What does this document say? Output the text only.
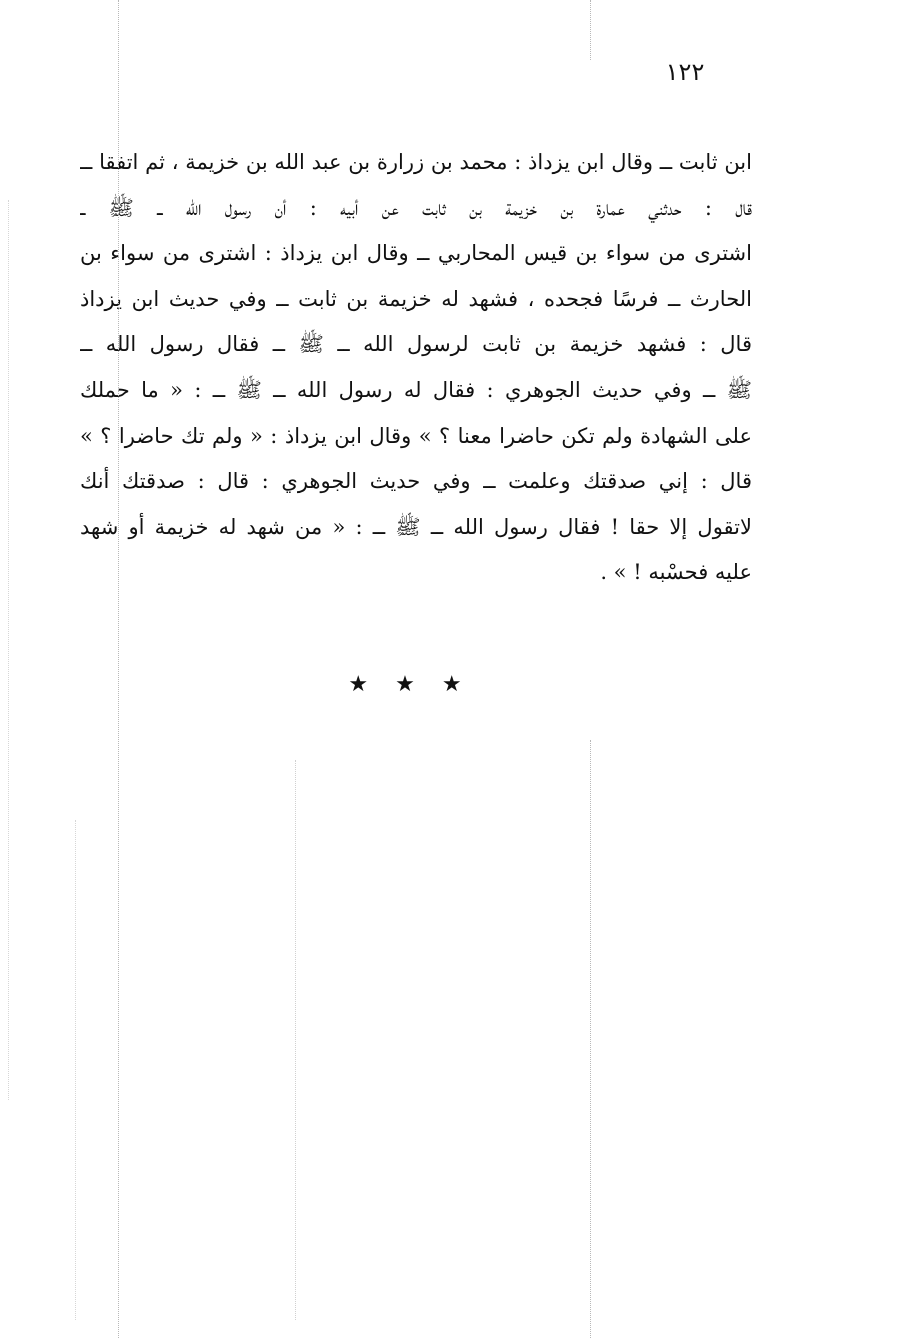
١٢٢
ابن ثابت ــ وقال ابن يزداذ : محمد بن زرارة بن عبد الله بن خزيمة ، ثم اتفقا ــ
قال : حدثني عمارة بن خزيمة بن ثابت عن أبيه : أن رسول الله ــ ﷺ ــ
اشترى من سواء بن قيس المحاربي ــ وقال ابن يزداذ : اشترى من سواء بن
الحارث ــ فرسًا فجحده ، فشهد له خزيمة بن ثابت ــ وفي حديث ابن يزداذ
قال : فشهد خزيمة بن ثابت لرسول الله ــ ﷺ ــ فقال رسول الله ــ
ﷺ ــ وفي حديث الجوهري : فقال له رسول الله ــ ﷺ ــ : « ما حملك
على الشهادة ولم تكن حاضرا معنا ؟ » وقال ابن يزداذ : « ولم تك حاضرا ؟ »
قال : إني صدقتك وعلمت ــ وفي حديث الجوهري : قال : صدقتك أنك
لاتقول إلا حقا ! فقال رسول الله ــ ﷺ ــ : « من شهد له خزيمة أو شهد
عليه فحسْبه ! » .
★ ★ ★
